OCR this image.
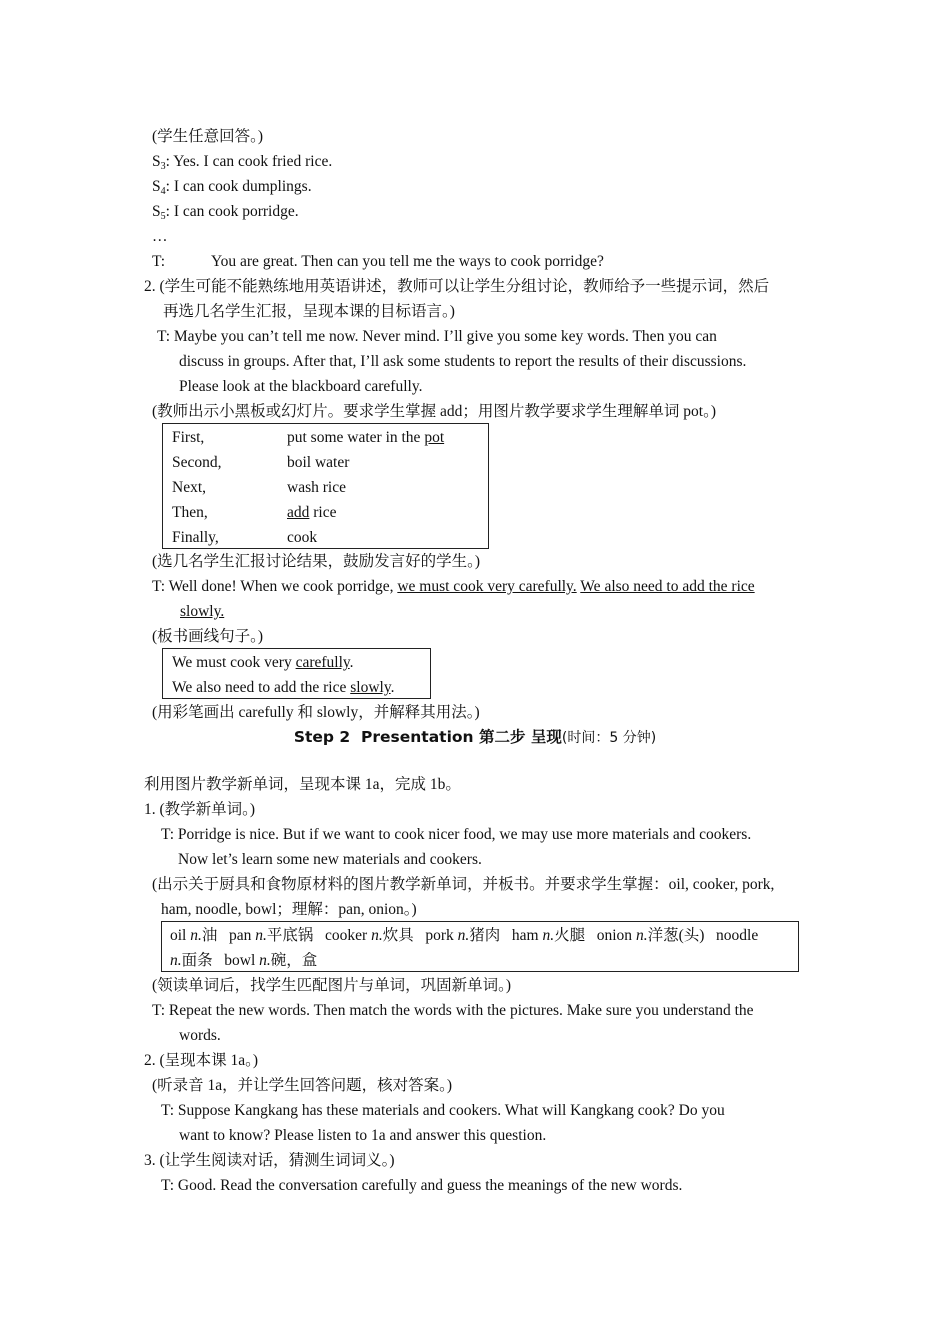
(学生任意回答。)
$S_3$: Yes. I can cook fried rice.
$S_4$: I can cook dumplings.
$S_5$: I can cook porridge.
…
T:	You are great. Then can you tell me the ways to cook porridge?
2. (学生可能不能熟练地用英语讲述，教师可以让学生分组讨论，教师给予一些提示词，然后
再选几名学生汇报，呈现本课的目标语言。)
T: Maybe you can’t tell me now. Never mind. I’ll give you some key words. Then you can
discuss in groups. After that, I’ll ask some students to report the results of their discussions.
Please look at the blackboard carefully.
(教师出示小黑板或幻灯片。要求学生掌握 add；用图片教学要求学生理解单词 pot。)
First,	put some water in the pot
Second,	boil water
Next,	wash rice
Then,	add rice
Finally,	cook
(选几名学生汇报讨论结果，鼓励发言好的学生。)
T: Well done! When we cook porridge, we must cook very carefully. We also need to add the rice
slowly.
(板书画线句子。)
We must cook very carefully.
We also need to add the rice slowly.
(用彩笔画出 carefully 和 slowly，并解释其用法。)
Step 2 Presentation 第二步 呈现(时间：5 分钟)
利用图片教学新单词，呈现本课 1a，完成 1b。
1. (教学新单词。)
T: Porridge is nice. But if we want to cook nicer food, we may use more materials and cookers.
Now let’s learn some new materials and cookers.
(出示关于厨具和食物原材料的图片教学新单词，并板书。并要求学生掌握：oil, cooker, pork,
ham, noodle, bowl；理解：pan, onion。)
oil n.油 pan n.平底锅 cooker n.炊具 pork n.猪肉 ham n.火腿 onion n.洋葱(头) noodle
n.面条 bowl n.碗，盒
(领读单词后，找学生匹配图片与单词，巩固新单词。)
T: Repeat the new words. Then match the words with the pictures. Make sure you understand the
words.
2. (呈现本课 1a。)
(听录音 1a，并让学生回答问题，核对答案。)
T: Suppose Kangkang has these materials and cookers. What will Kangkang cook? Do you
want to know? Please listen to 1a and answer this question.
3. (让学生阅读对话，猜测生词词义。)
T: Good. Read the conversation carefully and guess the meanings of the new words.
